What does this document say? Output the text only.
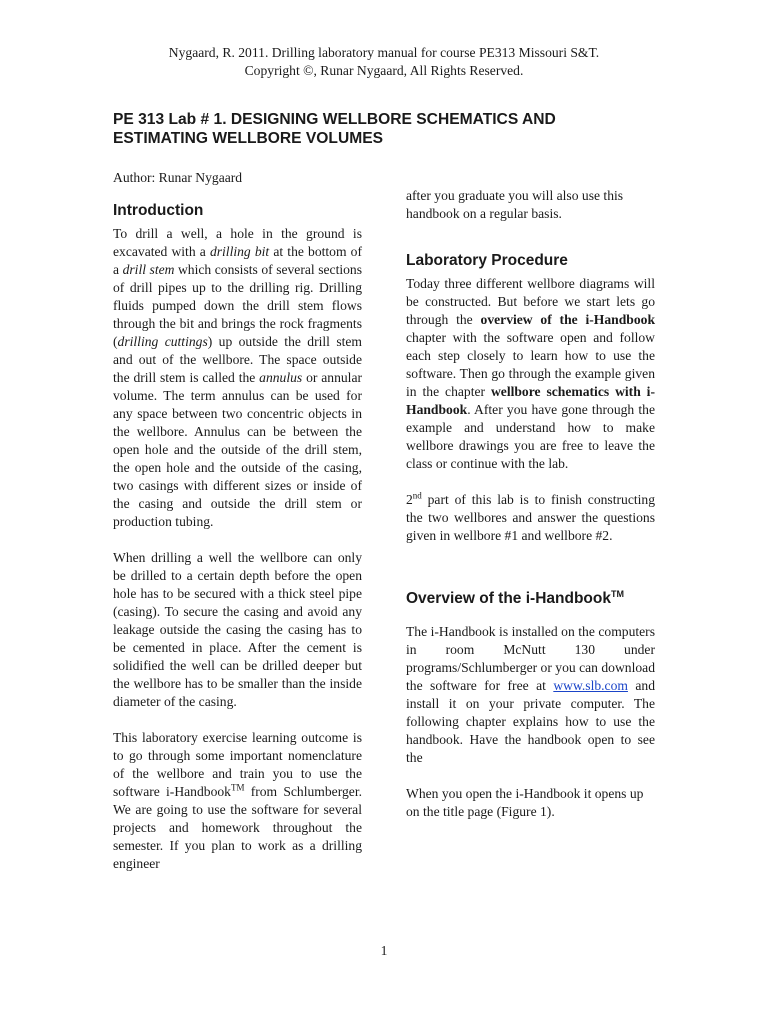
Nygaard, R. 2011. Drilling laboratory manual for course PE313 Missouri S&T.
Copyright ©, Runar Nygaard, All Rights Reserved.
PE 313 Lab # 1. DESIGNING WELLBORE SCHEMATICS AND
ESTIMATING WELLBORE VOLUMES
Author: Runar Nygaard
Introduction

To drill a well, a hole in the ground is excavated with a drilling bit at the bottom of a drill stem which consists of several sections of drill pipes up to the drilling rig. Drilling fluids pumped down the drill stem flows through the bit and brings the rock fragments (drilling cuttings) up outside the drill stem and out of the wellbore. The space outside the drill stem is called the annulus or annular volume. The term annulus can be used for any space between two concentric objects in the wellbore. Annulus can be between the open hole and the outside of the drill stem, the open hole and the outside of the casing, two casings with different sizes or inside of the casing and outside the drill stem or production tubing.

When drilling a well the wellbore can only be drilled to a certain depth before the open hole has to be secured with a thick steel pipe (casing). To secure the casing and avoid any leakage outside the casing the casing has to be cemented in place. After the cement is solidified the well can be drilled deeper but the wellbore has to be smaller than the inside diameter of the casing.

This laboratory exercise learning outcome is to go through some important nomenclature of the wellbore and train you to use the software i-Handbook™ from Schlumberger. We are going to use the software for several projects and homework throughout the semester. If you plan to work as a drilling engineer

after you graduate you will also use this handbook on a regular basis.

Laboratory Procedure

Today three different wellbore diagrams will be constructed. But before we start lets go through the overview of the i-Handbook chapter with the software open and follow each step closely to learn how to use the software. Then go through the example given in the chapter wellbore schematics with i-Handbook. After you have gone through the example and understand how to make wellbore drawings you are free to leave the class or continue with the lab.

2nd part of this lab is to finish constructing the two wellbores and answer the questions given in wellbore #1 and wellbore #2.

Overview of the i-Handbook™

The i-Handbook is installed on the computers in room McNutt 130 under programs/Schlumberger or you can download the software for free at www.slb.com and install it on your private computer. The following chapter explains how to use the handbook. Have the handbook open to see the

When you open the i-Handbook it opens up on the title page (Figure 1).

1
